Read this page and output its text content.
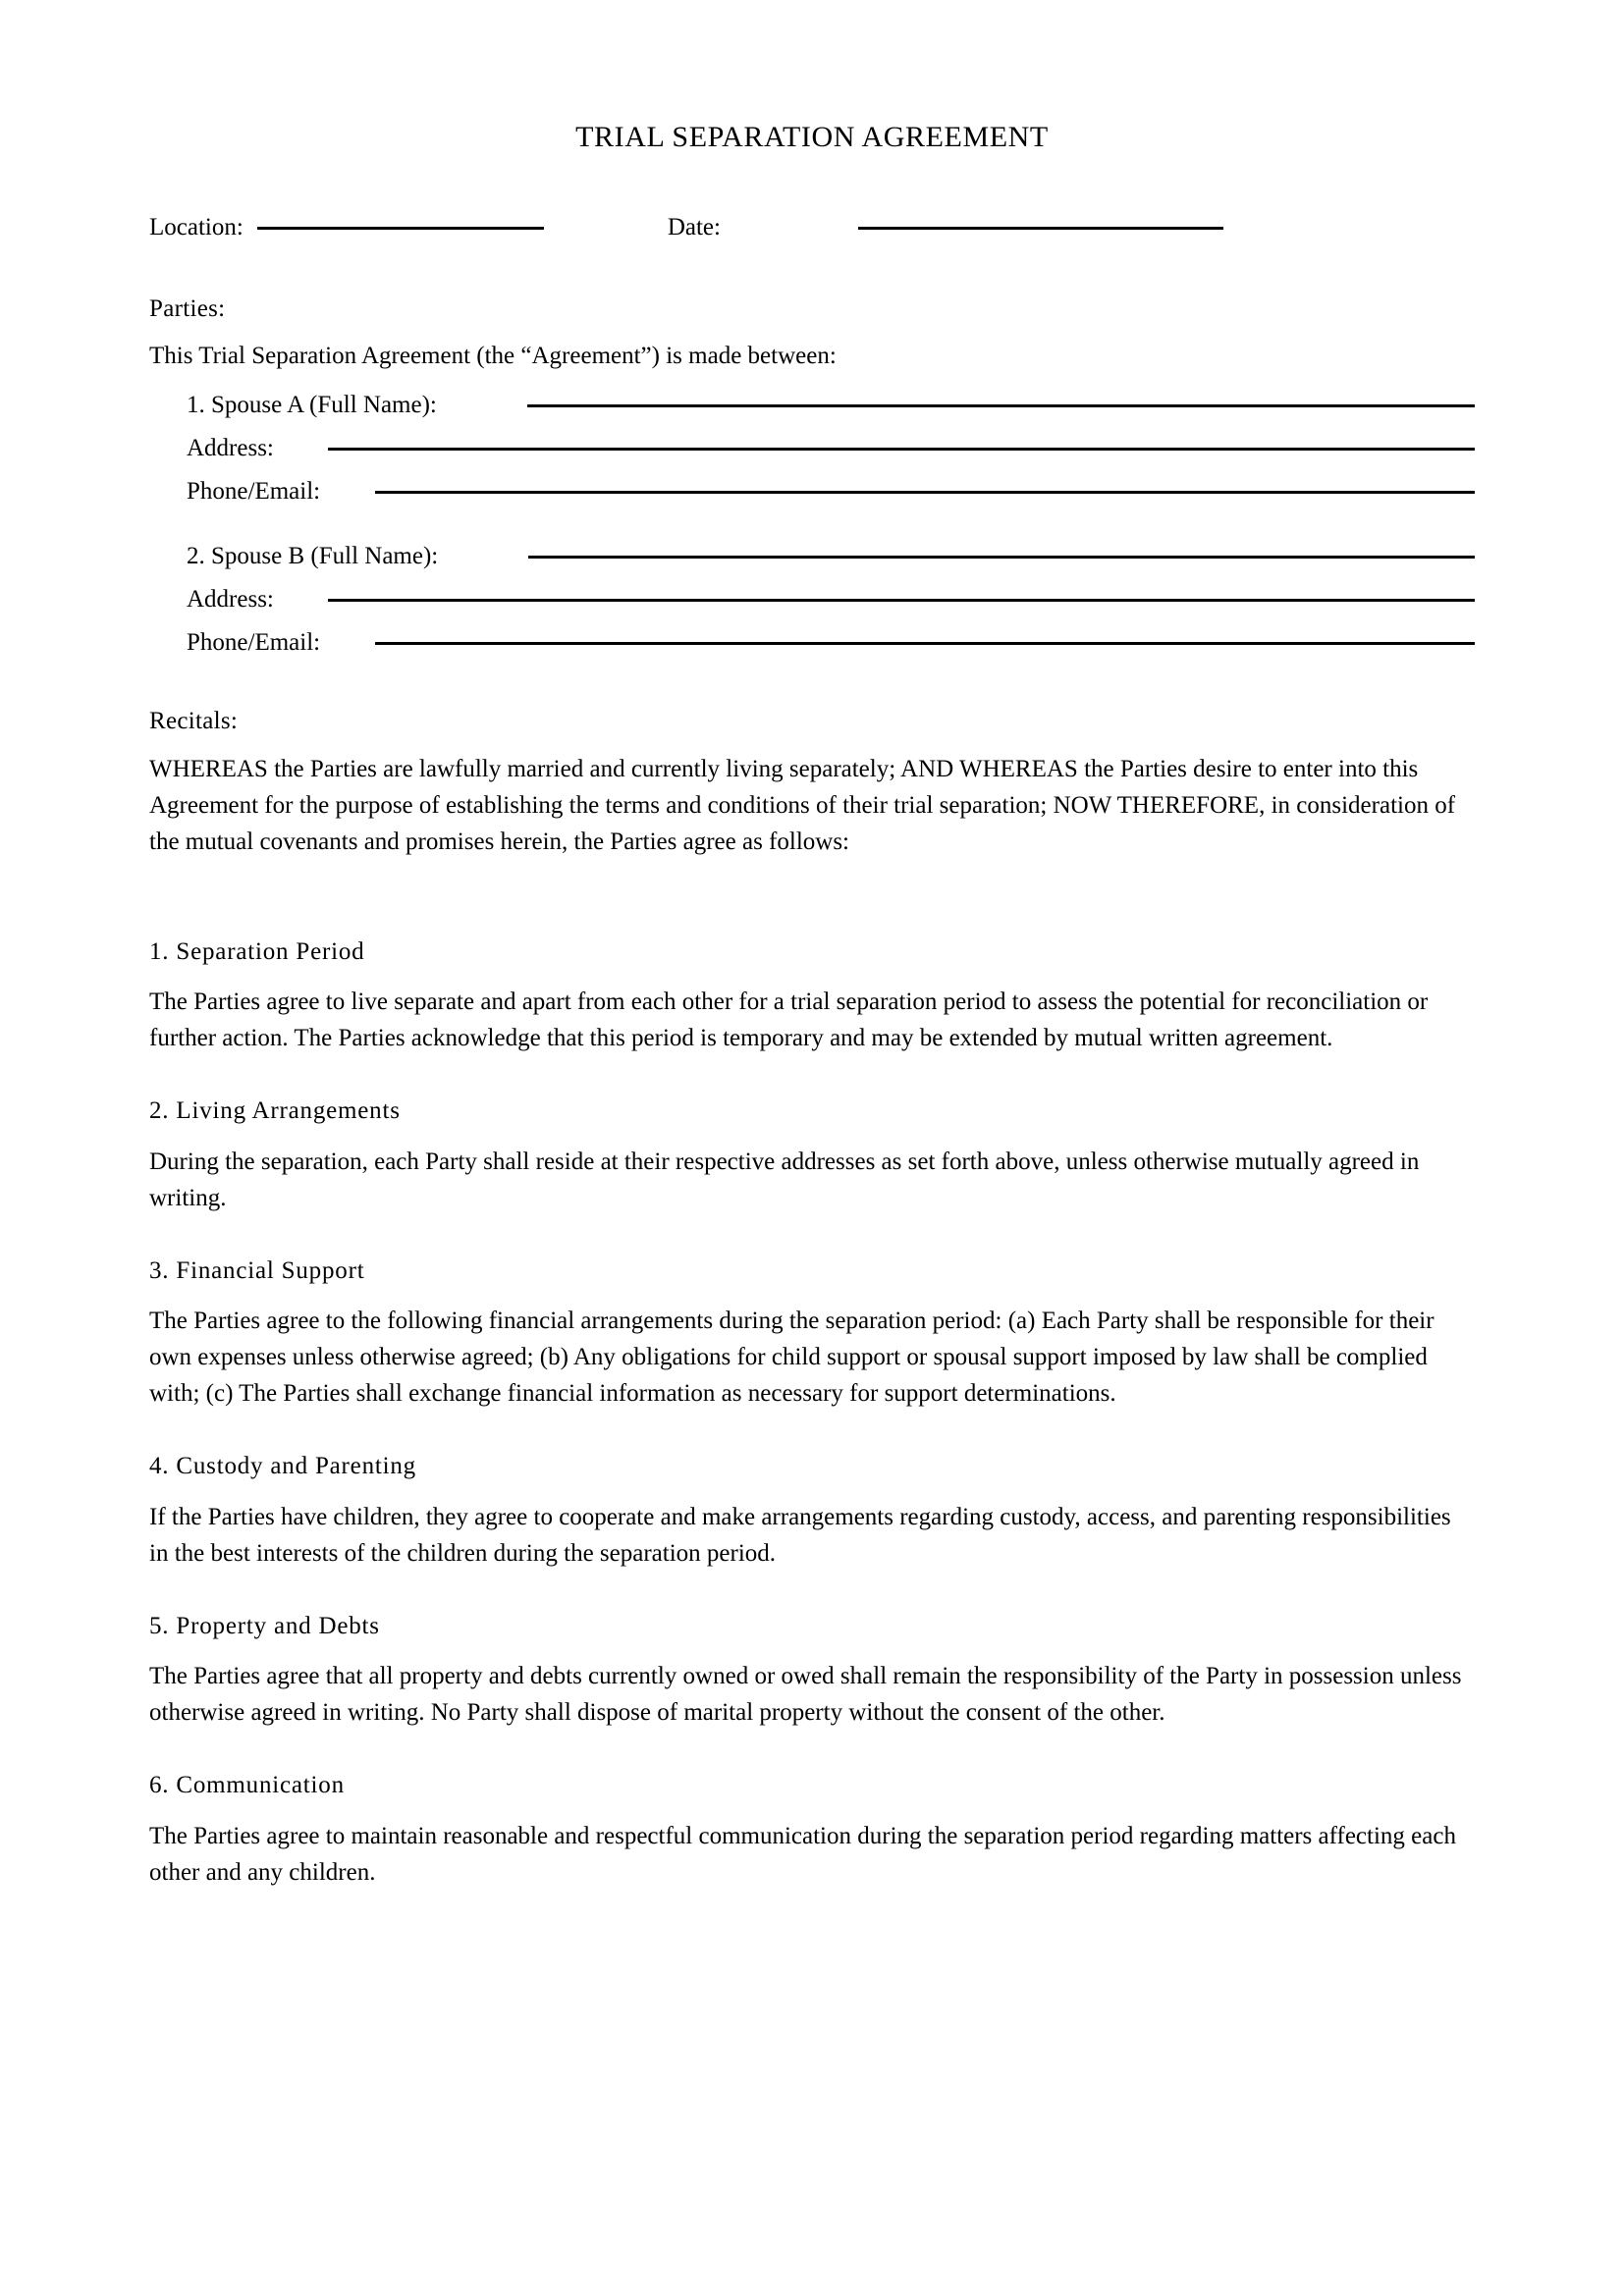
TRIAL SEPARATION AGREEMENT
Location:	Date:
Parties:
This Trial Separation Agreement (the “Agreement”) is made between:
1. Spouse A (Full Name):
Address:
Phone/Email:
2. Spouse B (Full Name):
Address:
Phone/Email:
Recitals:

WHEREAS the Parties are lawfully married and currently living separately; AND WHEREAS the Parties desire to enter into this Agreement for the purpose of establishing the terms and conditions of their trial separation; NOW THEREFORE, in consideration of the mutual covenants and promises herein, the Parties agree as follows:

1. Separation Period

The Parties agree to live separate and apart from each other for a trial separation period to assess the potential for reconciliation or further action. The Parties acknowledge that this period is temporary and may be extended by mutual written agreement.

2. Living Arrangements

During the separation, each Party shall reside at their respective addresses as set forth above, unless otherwise mutually agreed in writing.

3. Financial Support

The Parties agree to the following financial arrangements during the separation period: (a) Each Party shall be responsible for their own expenses unless otherwise agreed; (b) Any obligations for child support or spousal support imposed by law shall be complied with; (c) The Parties shall exchange financial information as necessary for support determinations.

4. Custody and Parenting

If the Parties have children, they agree to cooperate and make arrangements regarding custody, access, and parenting responsibilities in the best interests of the children during the separation period.

5. Property and Debts

The Parties agree that all property and debts currently owned or owed shall remain the responsibility of the Party in possession unless otherwise agreed in writing. No Party shall dispose of marital property without the consent of the other.

6. Communication

The Parties agree to maintain reasonable and respectful communication during the separation period regarding matters affecting each other and any children.
